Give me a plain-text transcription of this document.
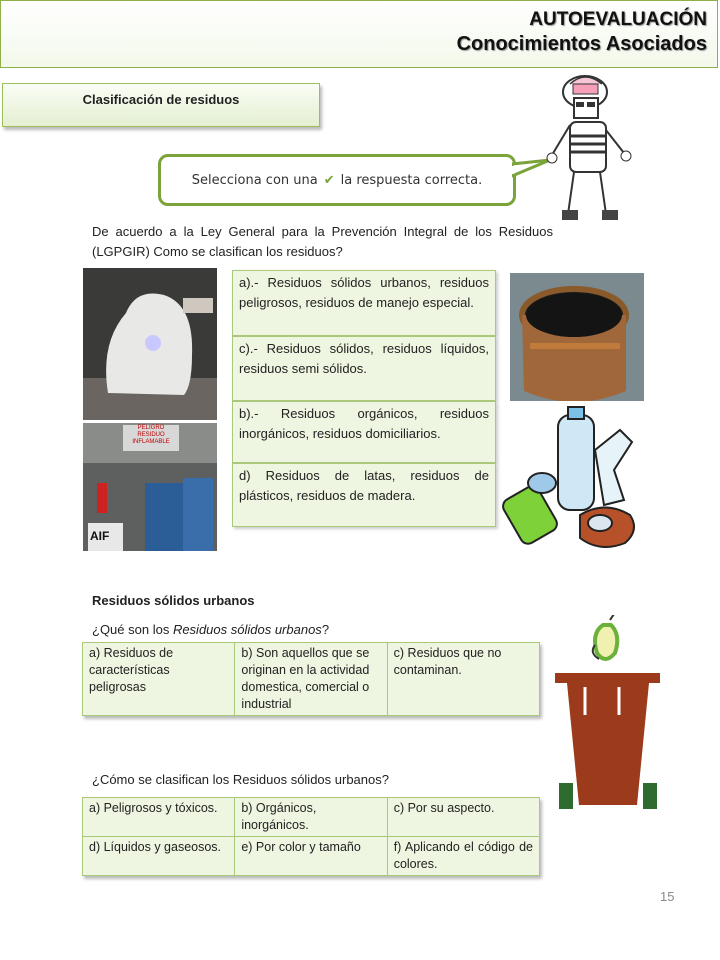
AUTOEVALUACIÓN
Conocimientos Asociados
Clasificación de residuos
Selecciona con una ✔ la respuesta correcta.
De acuerdo a la Ley General para la Prevención Integral de los Residuos (LGPGIR) Como se clasifican los residuos?
PELIGRO
RESIDUO
INFLAMABLE
AIF
a).- Residuos sólidos urbanos, residuos peligrosos, residuos de manejo especial.
c).- Residuos sólidos, residuos líquidos, residuos semi sólidos.
b).- Residuos orgánicos, residuos inorgánicos, residuos domiciliarios.
d) Residuos de latas, residuos de plásticos, residuos de madera.
Residuos sólidos urbanos
¿Qué son los Residuos sólidos urbanos?
a) Residuos de características peligrosas	b) Son aquellos que se originan en la actividad domestica, comercial o industrial	c) Residuos que no contaminan.
¿Cómo se clasifican los Residuos sólidos urbanos?
a) Peligrosos y tóxicos.	b) Orgánicos, inorgánicos.	c) Por su aspecto.
d) Líquidos y gaseosos.	e) Por color y tamaño	f) Aplicando el código de colores.
15
